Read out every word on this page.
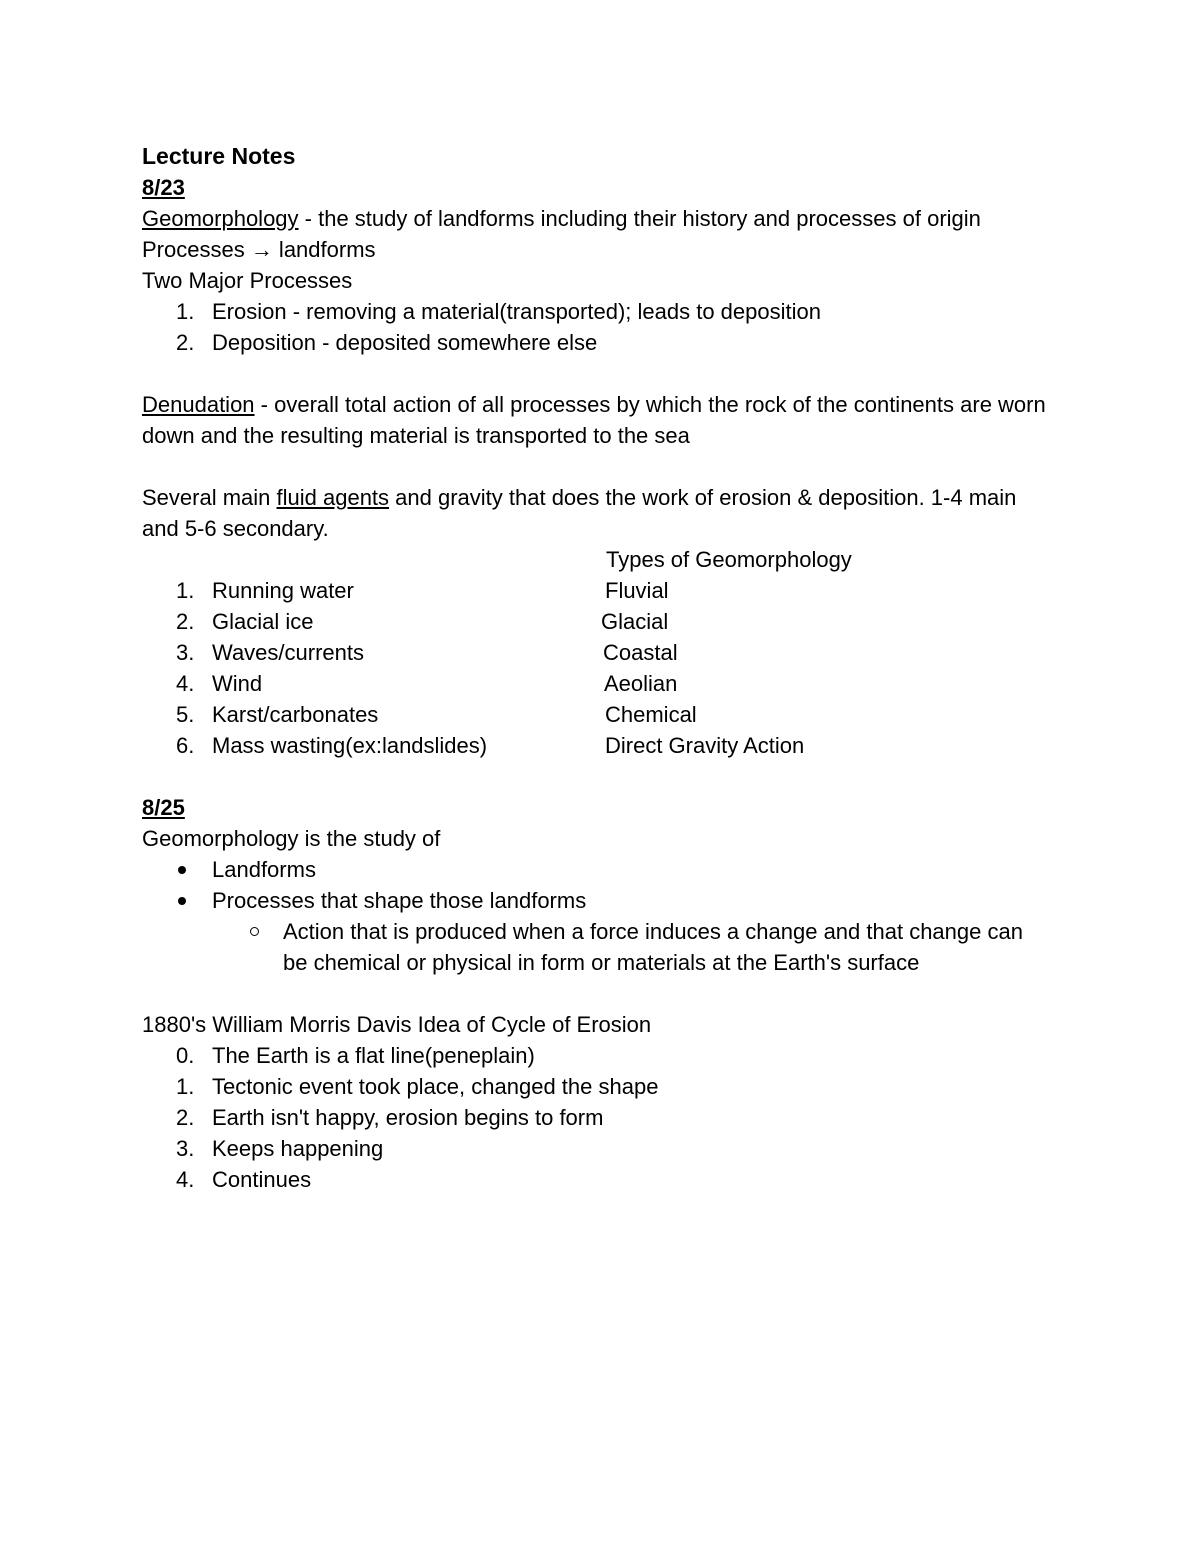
Lecture Notes
8/23
Geomorphology - the study of landforms including their history and processes of origin
Processes → landforms
Two Major Processes
1. Erosion - removing a material(transported); leads to deposition
2. Deposition - deposited somewhere else
Denudation - overall total action of all processes by which the rock of the continents are worn down and the resulting material is transported to the sea
Several main fluid agents and gravity that does the work of erosion & deposition. 1-4 main and 5-6 secondary.
Types of Geomorphology
1. Running water	Fluvial
2. Glacial ice	Glacial
3. Waves/currents	Coastal
4. Wind	Aeolian
5. Karst/carbonates	Chemical
6. Mass wasting(ex:landslides)	Direct Gravity Action
8/25
Geomorphology is the study of
Landforms
Processes that shape those landforms
Action that is produced when a force induces a change and that change can be chemical or physical in form or materials at the Earth's surface
1880's William Morris Davis Idea of Cycle of Erosion
0. The Earth is a flat line(peneplain)
1. Tectonic event took place, changed the shape
2. Earth isn't happy, erosion begins to form
3. Keeps happening
4. Continues
